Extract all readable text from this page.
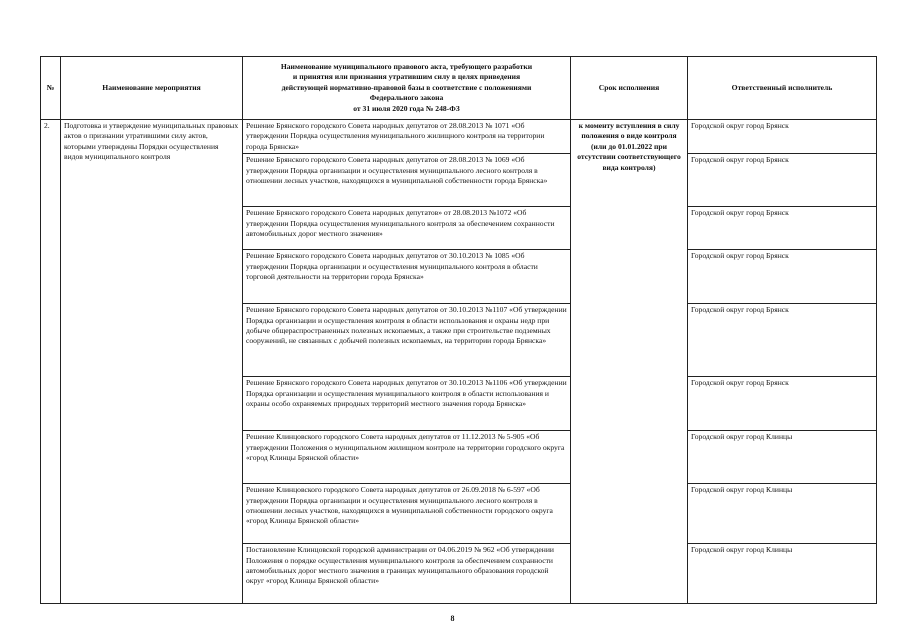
№	Наименование мероприятия	Наименование муниципального правового акта, требующего разработки
и принятия или признания утратившим силу в целях приведения
действующей нормативно-правовой базы в соответствие с положениями
Федерального закона
от 31 июля 2020 года № 248-ФЗ	Срок исполнения	Ответственный исполнитель
2.	Подготовка и утверждение муниципальных правовых актов о признании утратившими силу актов, которыми утверждены Порядки осуществления видов муниципального контроля	Решение Брянского городского Совета народных депутатов от 28.08.2013 № 1071 «Об утверждении Порядка осуществления муниципального жилищного контроля на территории города Брянска»	к моменту вступления в силу положения о виде контроля (или до 01.01.2022 при отсутствии соответствующего вида контроля)	Городской округ город Брянск
		Решение Брянского городского Совета народных депутатов от 28.08.2013 № 1069 «Об утверждении Порядка организации и осуществления муниципального лесного контроля в отношении лесных участков, находящихся в муниципальной собственности города Брянска»		Городской округ город Брянск
		Решение Брянского городского Совета народных депутатов» от 28.08.2013 №1072 «Об утверждении Порядка осуществления муниципального контроля за обеспечением сохранности автомобильных дорог местного значения»		Городской округ город Брянск
		Решение Брянского городского Совета народных депутатов от 30.10.2013 № 1085 «Об утверждении Порядка организации и осуществления муниципального контроля в области торговой деятельности на территории города Брянска»		Городской округ город Брянск
		Решение Брянского городского Совета народных депутатов от 30.10.2013 №1107 «Об утверждении Порядка организации и осуществления контроля в области использования и охраны недр при добыче общераспространенных полезных ископаемых, а также при строительстве подземных сооружений, не связанных с добычей полезных ископаемых, на территории города Брянска»		Городской округ город Брянск
		Решение Брянского городского Совета народных депутатов от 30.10.2013 №1106 «Об утверждении Порядка организации и осуществления муниципального контроля в области использования и охраны особо охраняемых природных территорий местного значения города Брянска»		Городской округ город Брянск
		Решение Клинцовского городского Совета народных депутатов от 11.12.2013 № 5-905 «Об утверждении Положения о муниципальном жилищном контроле на территории городского округа «город Клинцы Брянской области»		Городской округ город Клинцы
		Решение Клинцовского городского Совета народных депутатов от 26.09.2018 № 6-597 «Об утверждении Порядка организации и осуществления муниципального лесного контроля в отношении лесных участков, находящихся в муниципальной собственности городского округа «город Клинцы Брянской области»		Городской округ город Клинцы
		Постановление Клинцовской городской администрации от 04.06.2019 № 962 «Об утверждении Положения о порядке осуществления муниципального контроля за обеспечением сохранности автомобильных дорог местного значения в границах муниципального образования городской округ «город Клинцы Брянской области»		Городской округ город Клинцы
8
